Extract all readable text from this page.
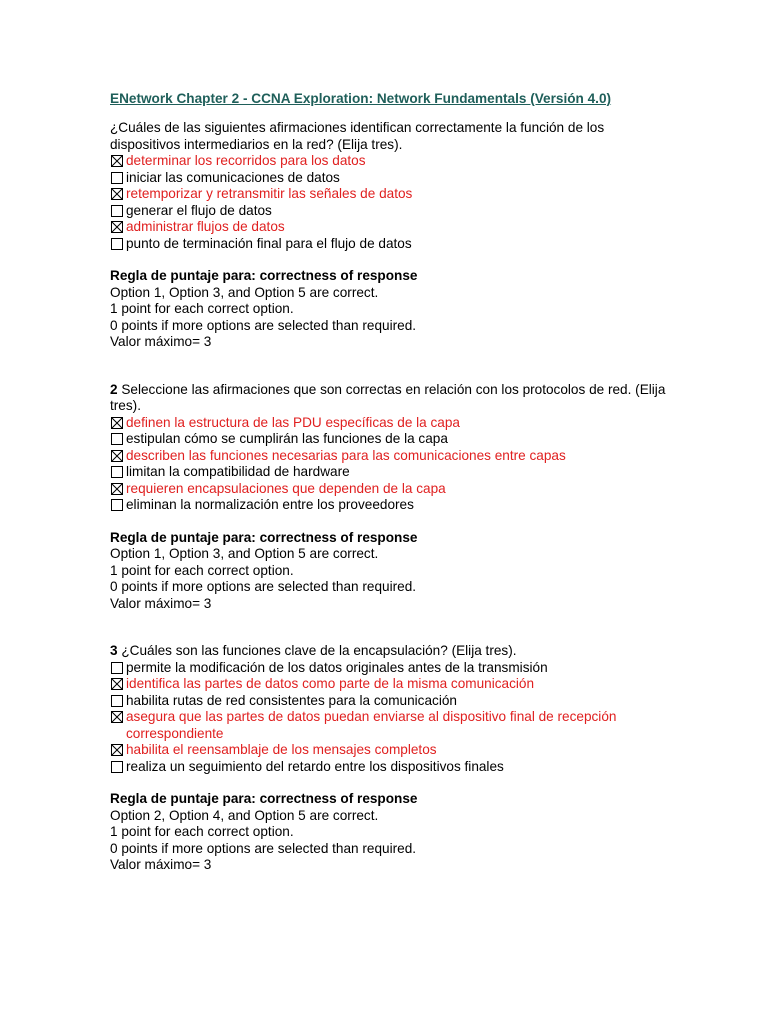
ENetwork Chapter 2 - CCNA Exploration: Network Fundamentals (Versión 4.0)

¿Cuáles de las siguientes afirmaciones identifican correctamente la función de los dispositivos intermediarios en la red? (Elija tres).

determinar los recorridos para los datos
iniciar las comunicaciones de datos
retemporizar y retransmitir las señales de datos
generar el flujo de datos
administrar flujos de datos
punto de terminación final para el flujo de datos

Regla de puntaje para: correctness of response

Option 1, Option 3, and Option 5 are correct.

1 point for each correct option.

0 points if more options are selected than required.

Valor máximo= 3

2 Seleccione las afirmaciones que son correctas en relación con los protocolos de red. (Elija tres).

definen la estructura de las PDU específicas de la capa
estipulan cómo se cumplirán las funciones de la capa
describen las funciones necesarias para las comunicaciones entre capas
limitan la compatibilidad de hardware
requieren encapsulaciones que dependen de la capa
eliminan la normalización entre los proveedores

Regla de puntaje para: correctness of response

Option 1, Option 3, and Option 5 are correct.

1 point for each correct option.

0 points if more options are selected than required.

Valor máximo= 3

3 ¿Cuáles son las funciones clave de la encapsulación? (Elija tres).

permite la modificación de los datos originales antes de la transmisión
identifica las partes de datos como parte de la misma comunicación
habilita rutas de red consistentes para la comunicación
asegura que las partes de datos puedan enviarse al dispositivo final de recepción correspondiente
habilita el reensamblaje de los mensajes completos
realiza un seguimiento del retardo entre los dispositivos finales

Regla de puntaje para: correctness of response

Option 2, Option 4, and Option 5 are correct.

1 point for each correct option.

0 points if more options are selected than required.

Valor máximo= 3
